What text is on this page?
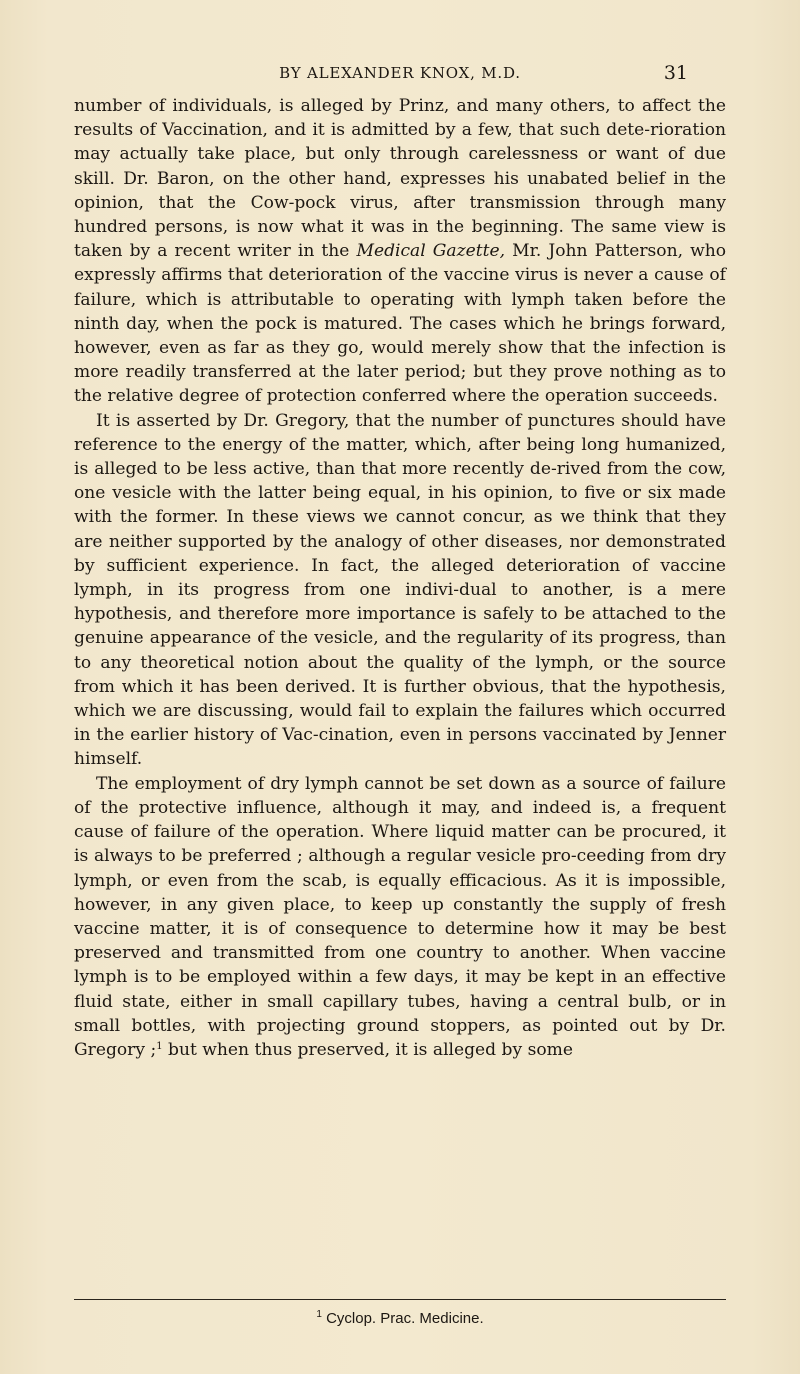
BY ALEXANDER KNOX, M.D.	31

number of individuals, is alleged by Prinz, and many others, to affect the results of Vaccination, and it is admitted by a few, that such dete-rioration may actually take place, but only through carelessness or want of due skill. Dr. Baron, on the other hand, expresses his unabated belief in the opinion, that the Cow-pock virus, after transmission through many hundred persons, is now what it was in the beginning. The same view is taken by a recent writer in the Medical Gazette, Mr. John Patterson, who expressly affirms that deterioration of the vaccine virus is never a cause of failure, which is attributable to operating with lymph taken before the ninth day, when the pock is matured. The cases which he brings forward, however, even as far as they go, would merely show that the infection is more readily transferred at the later period; but they prove nothing as to the relative degree of protection conferred where the operation succeeds.

It is asserted by Dr. Gregory, that the number of punctures should have reference to the energy of the matter, which, after being long humanized, is alleged to be less active, than that more recently de-rived from the cow, one vesicle with the latter being equal, in his opinion, to five or six made with the former. In these views we cannot concur, as we think that they are neither supported by the analogy of other diseases, nor demonstrated by sufficient experience. In fact, the alleged deterioration of vaccine lymph, in its progress from one indivi-dual to another, is a mere hypothesis, and therefore more importance is safely to be attached to the genuine appearance of the vesicle, and the regularity of its progress, than to any theoretical notion about the quality of the lymph, or the source from which it has been derived. It is further obvious, that the hypothesis, which we are discussing, would fail to explain the failures which occurred in the earlier history of Vac-cination, even in persons vaccinated by Jenner himself.

The employment of dry lymph cannot be set down as a source of failure of the protective influence, although it may, and indeed is, a frequent cause of failure of the operation. Where liquid matter can be procured, it is always to be preferred ; although a regular vesicle pro-ceeding from dry lymph, or even from the scab, is equally efficacious. As it is impossible, however, in any given place, to keep up constantly the supply of fresh vaccine matter, it is of consequence to determine how it may be best preserved and transmitted from one country to another. When vaccine lymph is to be employed within a few days, it may be kept in an effective fluid state, either in small capillary tubes, having a central bulb, or in small bottles, with projecting ground stoppers, as pointed out by Dr. Gregory ;$^1$ but when thus preserved, it is alleged by some

$^1$ Cyclop. Prac. Medicine.
